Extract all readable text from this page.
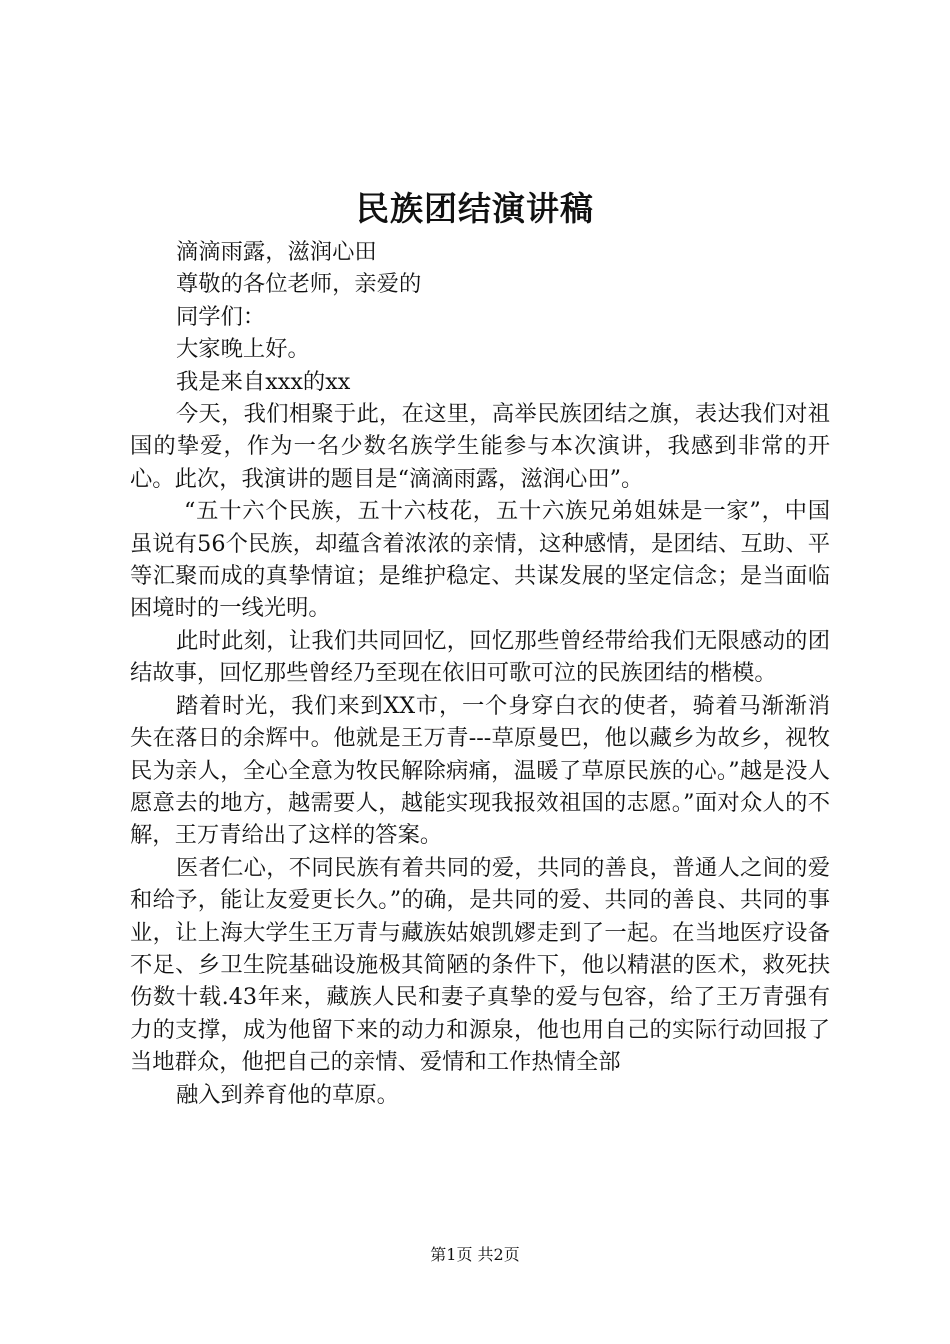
民族团结演讲稿

滴滴雨露，滋润心田

尊敬的各位老师，亲爱的

同学们：

大家晚上好。

我是来自xxx的xx

今天，我们相聚于此，在这里，高举民族团结之旗，表达我们对祖国的挚爱，作为一名少数名族学生能参与本次演讲，我感到非常的开心。此次，我演讲的题目是“滴滴雨露，滋润心田”。

“五十六个民族，五十六枝花，五十六族兄弟姐妹是一家”，中国虽说有56个民族，却蕴含着浓浓的亲情，这种感情，是团结、互助、平等汇聚而成的真挚情谊；是维护稳定、共谋发展的坚定信念；是当面临困境时的一线光明。

此时此刻，让我们共同回忆，回忆那些曾经带给我们无限感动的团结故事，回忆那些曾经乃至现在依旧可歌可泣的民族团结的楷模。

踏着时光，我们来到XX市，一个身穿白衣的使者，骑着马渐渐消失在落日的余辉中。他就是王万青---草原曼巴，他以藏乡为故乡，视牧民为亲人，全心全意为牧民解除病痛，温暖了草原民族的心。”越是没人愿意去的地方，越需要人，越能实现我报效祖国的志愿。”面对众人的不解，王万青给出了这样的答案。

医者仁心，不同民族有着共同的爱，共同的善良，普通人之间的爱和给予，能让友爱更长久。”的确，是共同的爱、共同的善良、共同的事业，让上海大学生王万青与藏族姑娘凯嫪走到了一起。在当地医疗设备不足、乡卫生院基础设施极其简陋的条件下，他以精湛的医术，救死扶伤数十载.43年来，藏族人民和妻子真挚的爱与包容，给了王万青强有力的支撑，成为他留下来的动力和源泉，他也用自己的实际行动回报了当地群众，他把自己的亲情、爱情和工作热情全部

融入到养育他的草原。

第1页 共2页
